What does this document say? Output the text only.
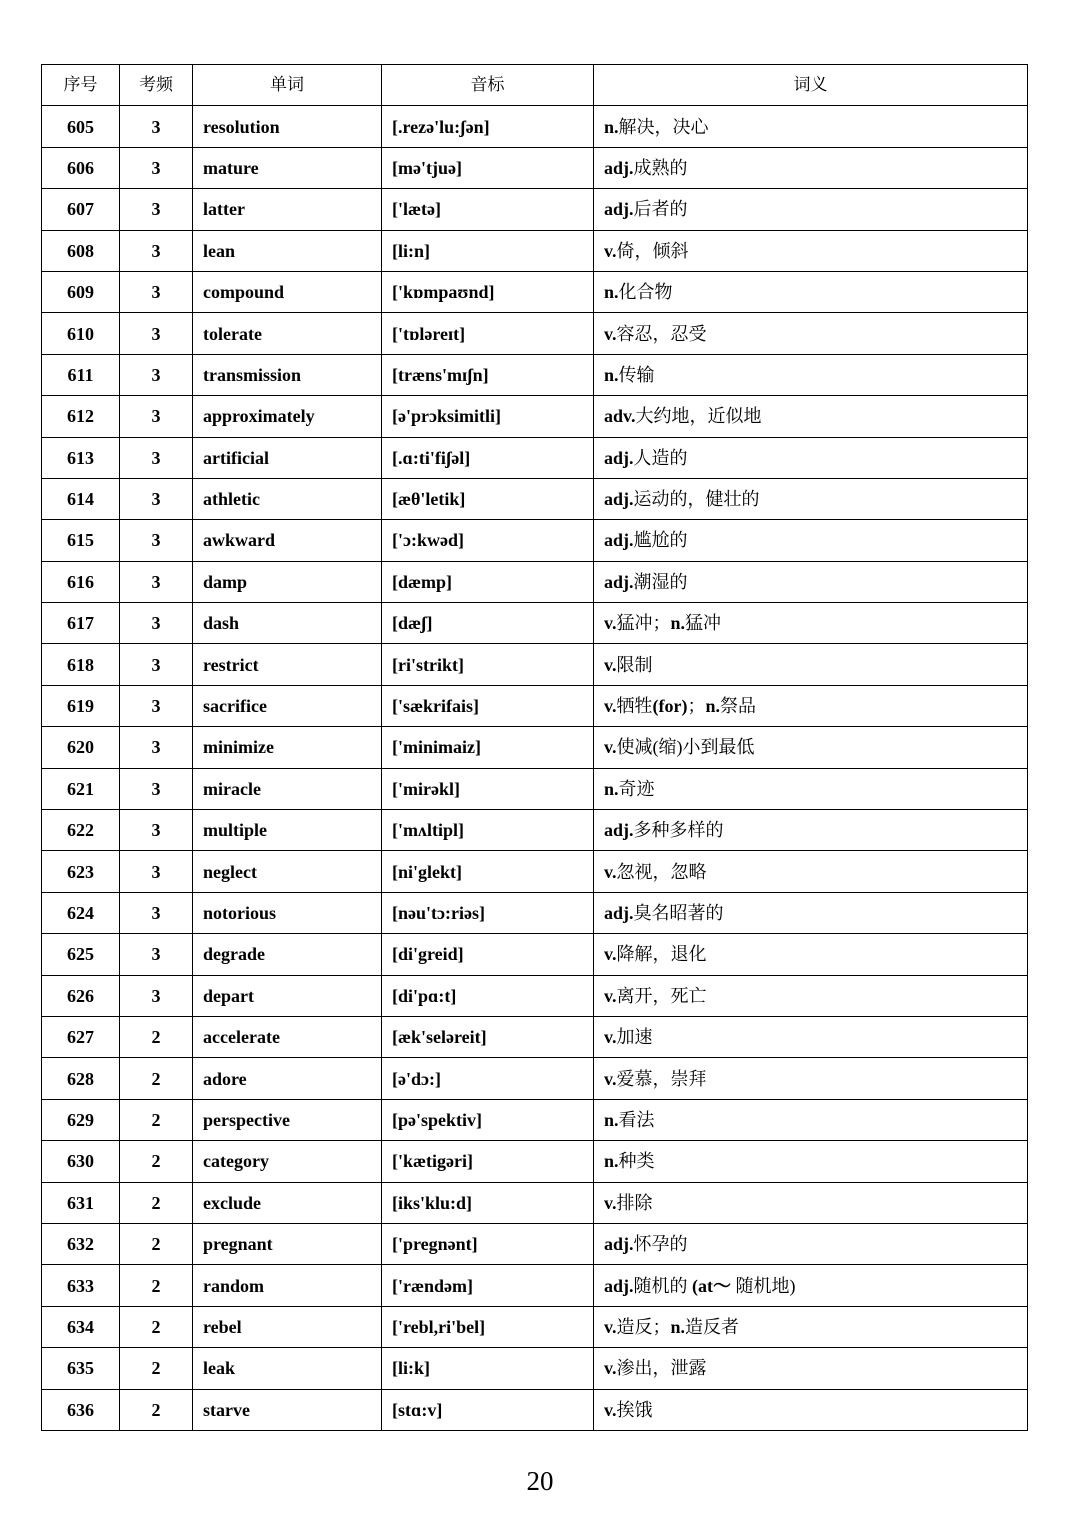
序号	考频	单词	音标	词义
605	3	resolution	[.rezə'lu:ʃən]	n.解决，决心
606	3	mature	[mə'tjuə]	adj.成熟的
607	3	latter	['lætə]	adj.后者的
608	3	lean	[li:n]	v.倚，倾斜
609	3	compound	['kɒmpaʊnd]	n.化合物
610	3	tolerate	['tɒləreɪt]	v.容忍，忍受
611	3	transmission	[træns'mɪʃn]	n.传输
612	3	approximately	[ə'prɔksimitli]	adv.大约地，近似地
613	3	artificial	[.ɑ:ti'fiʃəl]	adj.人造的
614	3	athletic	[æθ'letik]	adj.运动的，健壮的
615	3	awkward	['ɔ:kwəd]	adj.尴尬的
616	3	damp	[dæmp]	adj.潮湿的
617	3	dash	[dæʃ]	v.猛冲；n.猛冲
618	3	restrict	[ri'strikt]	v.限制
619	3	sacrifice	['sækrifais]	v.牺牲(for)；n.祭品
620	3	minimize	['minimaiz]	v.使减(缩)小到最低
621	3	miracle	['mirəkl]	n.奇迹
622	3	multiple	['mʌltipl]	adj.多种多样的
623	3	neglect	[ni'glekt]	v.忽视，忽略
624	3	notorious	[nəu'tɔ:riəs]	adj.臭名昭著的
625	3	degrade	[di'greid]	v.降解，退化
626	3	depart	[di'pɑ:t]	v.离开，死亡
627	2	accelerate	[æk'seləreit]	v.加速
628	2	adore	[ə'dɔ:]	v.爱慕，崇拜
629	2	perspective	[pə'spektiv]	n.看法
630	2	category	['kætigəri]	n.种类
631	2	exclude	[iks'klu:d]	v.排除
632	2	pregnant	['pregnənt]	adj.怀孕的
633	2	random	['rændəm]	adj.随机的 (at～ 随机地)
634	2	rebel	['rebl,ri'bel]	v.造反；n.造反者
635	2	leak	[li:k]	v.渗出，泄露
636	2	starve	[stɑ:v]	v.挨饿
20
